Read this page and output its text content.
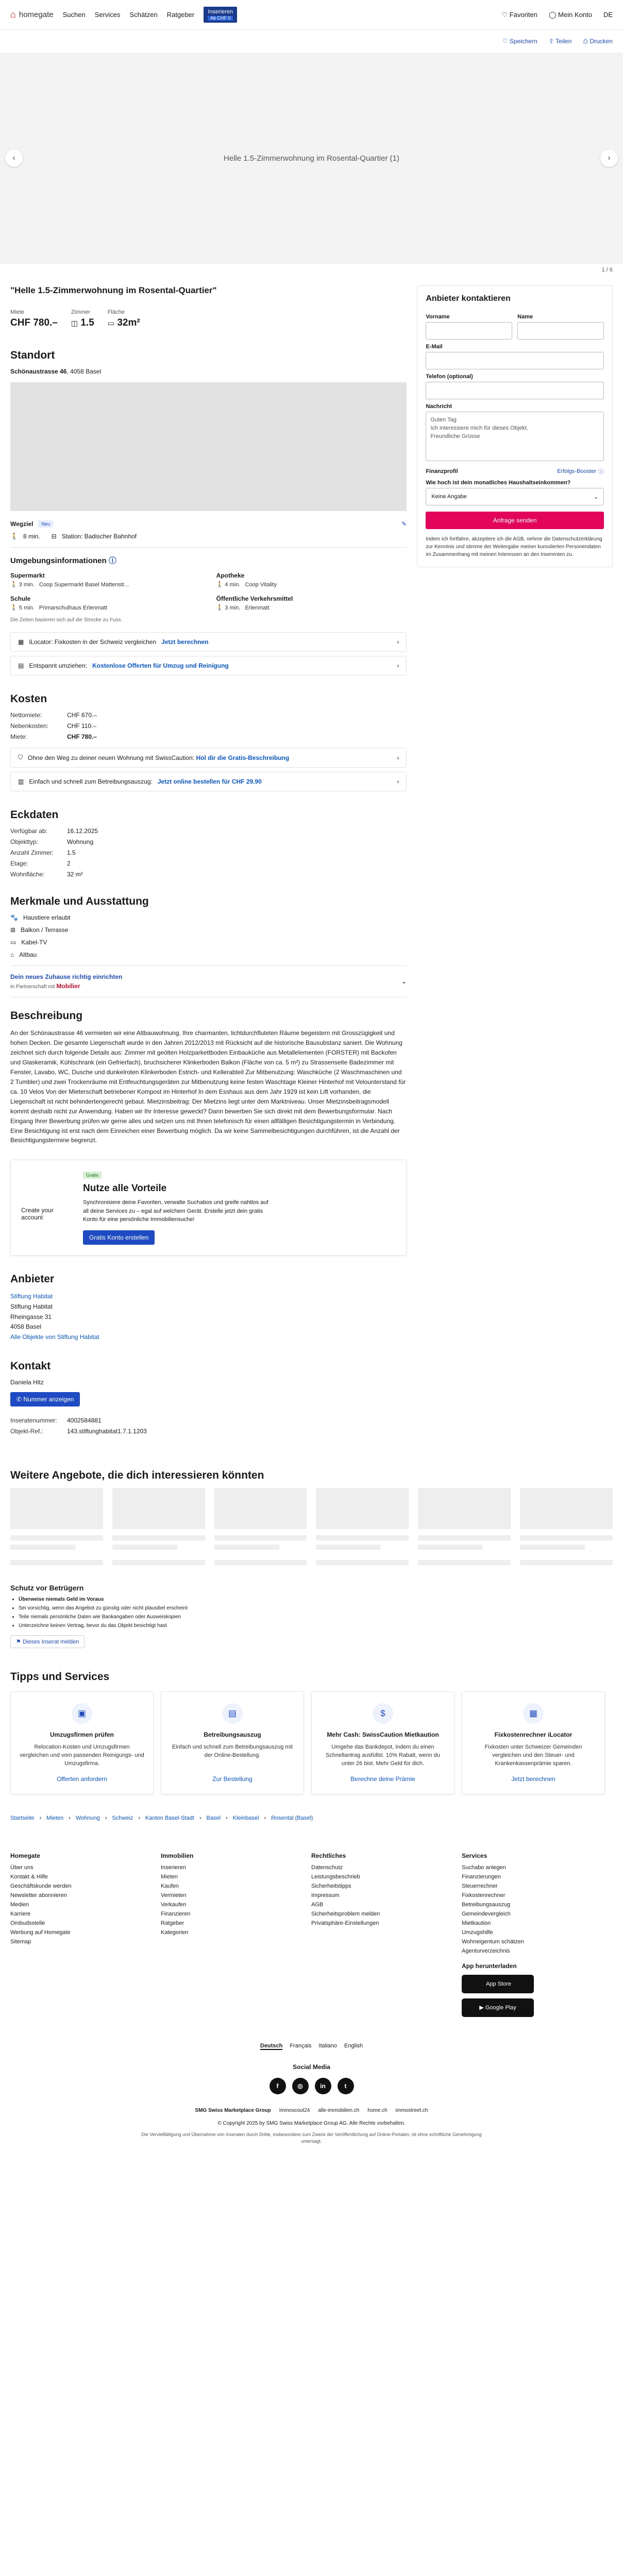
⌂ homegate Suchen Services Schätzen Ratgeber	Inserieren
Ab CHF 0	♡ Favoriten ◯ Mein Konto DE
♡ Speichern ⇪ Teilen ⎙ Drucken
‹	Helle 1.5-Zimmerwohnung im Rosental-Quartier (1)	›
1 / 6
"Helle 1.5-Zimmerwohnung im Rosental-Quartier"
Miete
CHF 780.–
Zimmer
◫ 1.5
Fläche
▭ 32m²
Standort
Schönaustrasse 46, 4058 Basel
Wegziel	Neu	✎
🚶 8 min. ⊟ Station: Badischer Bahnhof
Umgebungsinformationen ⓘ
Supermarkt
🚶 3 min. Coop Supermarkt Basel Mattenstr...
Apotheke
🚶 4 min. Coop Vitality
Schule
🚶 5 min. Primarschulhaus Erlenmatt
Öffentliche Verkehrsmittel
🚶 3 min. Erlenmatt
Die Zeiten basieren sich auf die Strecke zu Fuss.
▦ iLocator: Fixkosten in der Schweiz vergleichen Jetzt berechnen	›
▤ Entspannt umziehen: Kostenlose Offerten für Umzug und Reinigung	›
Kosten
Nettomiete:	CHF 670.–
Nebenkosten:	CHF 110.–
Miete:	CHF 780.–
⛉ Ohne den Weg zu deiner neuen Wohnung mit SwissCaution: Hol dir die Gratis-Beschreibung	›
▥ Einfach und schnell zum Betreibungsauszug: Jetzt online bestellen für CHF 29.90	›
Eckdaten
Verfügbar ab:	16.12.2025
Objekttyp:	Wohnung
Anzahl Zimmer:	1.5
Etage:	2
Wohnfläche:	32 m²
Merkmale und Ausstattung
🐾 Haustiere erlaubt
⊞ Balkon / Terrasse
▭ Kabel-TV
⌂ Altbau
Dein neues Zuhause richtig einrichten
In Partnerschaft mit Mobilier
⌄
Beschreibung
An der Schönaustrasse 46 vermieten wir eine Altbauwohnung. Ihre charmanten, lichtdurchfluteten Räume begeistern mit Grosszügigkeit und hohen Decken. Die gesamte Liegenschaft wurde in den Jahren 2012/2013 mit Rücksicht auf die historische Bausubstanz saniert. Die Wohnung zeichnet sich durch folgende Details aus: Zimmer mit geölten Holzparkettboden Einbauküche aus Metallelementen (FORSTER) mit Backofen und Glaskeramik, Kühlschrank (ein Gefrierfach), bruchsicherer Klinkerboden Balkon (Fläche von ca. 5 m²) zu Strassenseite Badezimmer mit Fenster, Lavabo, WC, Dusche und dunkelroten Klinkerboden Estrich- und Kellerabteil Zur Mitbenutzung: Waschküche (2 Waschmaschinen und 2 Tumbler) und zwei Trockenräume mit Entfeuchtungsgeräten zur Mitbenutzung keine festen Waschtage Kleiner Hinterhof mit Velounterstand für ca. 10 Velos Von der Mieterschaft betriebener Kompost im Hinterhof In dem Esshaus aus dem Jahr 1929 ist kein Lift vorhanden, die Liegenschaft ist nicht behindertengerecht gebaut. Mietzinsbeitrag: Der Mietzins liegt unter dem Marktniveau. Unser Mietzinsbeitragsmodell kommt deshalb nicht zur Anwendung. Haben wir Ihr Interesse geweckt? Dann bewerben Sie sich direkt mit dem Bewerbungsformular. Nach Eingang Ihrer Bewerbung prüfen wir gerne alles und setzen uns mit Ihnen telefonisch für einen allfälligen Besichtigungstermin in Verbindung. Eine Besichtigung ist erst nach dem Einreichen einer Bewerbung möglich. Da wir keine Sammelbesichtigungen durchführen, ist die Anzahl der Besichtigungstermine begrenzt.
Create your account
Gratis
Nutze alle Vorteile
Synchronisiere deine Favoriten, verwalte Suchabos und greife nahtlos auf all deine Services zu – egal auf welchem Gerät. Erstelle jetzt dein gratis Konto für eine persönliche Immobiliensuche!
Gratis Konto erstellen
Anbieter
Stiftung Habitat
Stiftung Habitat
Rheingasse 31
4058 Basel
Alle Objekte von Stiftung Habitat
Kontakt
Daniela Hitz
✆ Nummer anzeigen
Inseratenummer:	4002584881
Objekt-Ref.:	143.stiftunghabitat1.7.1.1203
Anbieter kontaktieren
Vorname	Name
E-Mail
Telefon (optional)
Nachricht
Guten Tag
Ich interessiere mich für dieses Objekt.
Freundliche Grüsse
Finanzprofil	Erfolgs-Booster ⓘ
Wie hoch ist dein monatliches Haushaltseinkommen?
Keine Angabe	⌄
Anfrage senden
Indem ich fortfahre, akzeptiere ich die AGB, nehme die Datenschutzerklärung zur Kenntnis und stimme der Weitergabe meiner kumulierten Personendaten im Zusammenhang mit meinen Interessen an den Inserenten zu.
Weitere Angebote, die dich interessieren könnten
Schutz vor Betrügern
• Überweise niemals Geld im Voraus
• Sei vorsichtig, wenn das Angebot zu günstig oder nicht plausibel erscheint
• Teile niemals persönliche Daten wie Bankangaben oder Ausweiskopien
• Unterzeichne keinen Vertrag, bevor du das Objekt besichtigt hast
⚑ Dieses Inserat melden
Tipps und Services
▣
Umzugsfirmen prüfen
Relocation-Kosten und Umzugsfirmen vergleichen und vom passenden Reinigungs- und Umzugsfirma.
Offerten anfordern
▤
Betreibungsauszug
Einfach und schnell zum Betreibungsauszug mit der Online-Bestellung.
Zur Bestellung
$
Mehr Cash: SwissCaution Mietkaution
Umgehe das Bankdepot, indem du einen Schnellantrag ausfüllst. 10% Rabatt, wenn du unter 26 bist. Mehr Geld für dich.
Berechne deine Prämie
▦
Fixkostenrechner iLocator
Fixkosten unter Schweizer Gemeinden vergleichen und den Steuer- und Krankenkassenprämie sparen.
Jetzt berechnen
Startseite › Mieten › Wohnung › Schweiz › Kanton Basel-Stadt › Basel › Kleinbasel › Rosental (Basel)
Homegate
Über uns
Kontakt & Hilfe
Geschäftskunde werden
Newsletter abonnieren
Medien
Karriere
Ombudsstelle
Werbung auf Homegate
Sitemap
Immobilien
Inserieren
Mieten
Kaufen
Vermieten
Verkaufen
Finanzieren
Ratgeber
Kategorien
Rechtliches
Datenschutz
Leistungsbeschrieb
Sicherheitstipps
Impressum
AGB
Sicherheitsproblem melden
Privatsphäre-Einstellungen
Services
Suchabo anlegen
Finanzierungen
Steuerrechner
Fixkostenrechner
Betreibungsauszug
Gemeindevergleich
Mietkaution
Umzugshilfe
Wohneigentum schätzen
Agenturverzeichnis
App herunterladen

App Store
▶
Google Play
Deutsch Français Italiano English
Social Media
f	◎	in	t
SMG Swiss Marketplace Group immoscout24 alle-immobilien.ch home.ch immostreet.ch
© Copyright 2025 by SMG Swiss Marketplace Group AG. Alle Rechte vorbehalten.
Die Vervielfältigung und Übernahme von Inseraten durch Dritte, insbesondere zum Zweck der Veröffentlichung auf Online-Portalen, ist ohne schriftliche Genehmigung untersagt.
